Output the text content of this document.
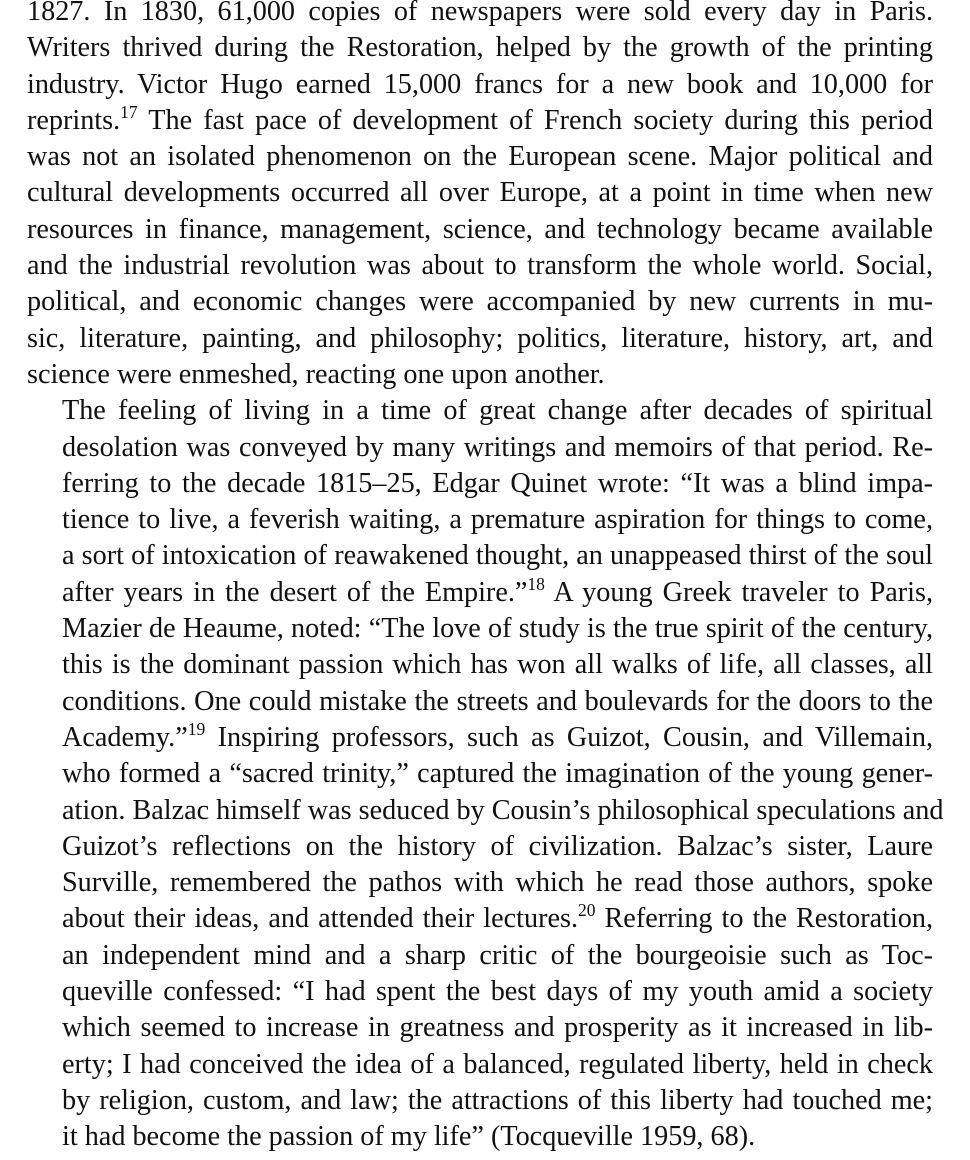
1827. In 1830, 61,000 copies of newspapers were sold every day in Paris.
Writers thrived during the Restoration, helped by the growth of the printing
industry. Victor Hugo earned 15,000 francs for a new book and 10,000 for
reprints.$^{17}$ The fast pace of development of French society during this period
was not an isolated phenomenon on the European scene. Major political and
cultural developments occurred all over Europe, at a point in time when new
resources in finance, management, science, and technology became available
and the industrial revolution was about to transform the whole world. Social,
political, and economic changes were accompanied by new currents in mu-
sic, literature, painting, and philosophy; politics, literature, history, art, and
science were enmeshed, reacting one upon another.
The feeling of living in a time of great change after decades of spiritual
desolation was conveyed by many writings and memoirs of that period. Re-
ferring to the decade 1815–25, Edgar Quinet wrote: “It was a blind impa-
tience to live, a feverish waiting, a premature aspiration for things to come,
a sort of intoxication of reawakened thought, an unappeased thirst of the soul
after years in the desert of the Empire.”$^{18}$ A young Greek traveler to Paris,
Mazier de Heaume, noted: “The love of study is the true spirit of the century,
this is the dominant passion which has won all walks of life, all classes, all
conditions. One could mistake the streets and boulevards for the doors to the
Academy.”$^{19}$ Inspiring professors, such as Guizot, Cousin, and Villemain,
who formed a “sacred trinity,” captured the imagination of the young gener-
ation. Balzac himself was seduced by Cousin’s philosophical speculations and
Guizot’s reflections on the history of civilization. Balzac’s sister, Laure
Surville, remembered the pathos with which he read those authors, spoke
about their ideas, and attended their lectures.$^{20}$ Referring to the Restoration,
an independent mind and a sharp critic of the bourgeoisie such as Toc-
queville confessed: “I had spent the best days of my youth amid a society
which seemed to increase in greatness and prosperity as it increased in lib-
erty; I had conceived the idea of a balanced, regulated liberty, held in check
by religion, custom, and law; the attractions of this liberty had touched me;
it had become the passion of my life” (Tocqueville 1959, 68).
